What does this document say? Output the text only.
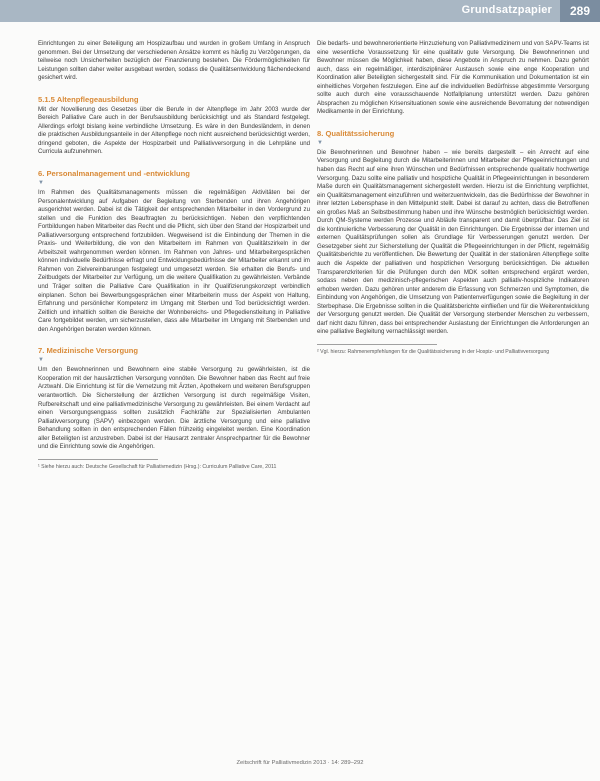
Grundsatzpapier	289

Einrichtungen zu einer Beteiligung am Hospizaufbau und wurden in großem Umfang in Anspruch genommen. Bei der Umsetzung der verschiedenen Ansätze kommt es häufig zu Verzögerungen, da teilweise noch Unsicherheiten bezüglich der Finanzierung bestehen. Die Fördermöglichkeiten für Leistungen sollten daher weiter ausgebaut werden, sodass die Qualitätsentwicklung flächendeckend gesichert wird.

5.1.5 Altenpflegeausbildung

Mit der Novellierung des Gesetzes über die Berufe in der Altenpflege im Jahr 2003 wurde der Bereich Palliative Care auch in der Berufsausbildung berücksichtigt und als Standard festgelegt. Allerdings erfolgt bislang keine verbindliche Umsetzung. Es wäre in den Bundesländern, in denen die praktischen Ausbildungsanteile in der Altenpflege noch nicht ausreichend berücksichtigt werden, dringend geboten, die Aspekte der Hospizarbeit und Palliativversorgung in die Lehrpläne und Curricula aufzunehmen.

6. Personalmanagement und -entwicklung
▼

Im Rahmen des Qualitätsmanagements müssen die regelmäßigen Aktivitäten bei der Personalentwicklung auf Aufgaben der Begleitung von Sterbenden und ihren Angehörigen ausgerichtet werden. Dabei ist die Tätigkeit der entsprechenden Mitarbeiter in den Vordergrund zu stellen und die Funktion des Beauftragten zu berücksichtigen. Neben den verpflichtenden Fortbildungen haben Mitarbeiter das Recht und die Pflicht, sich über den Stand der Hospizarbeit und Palliativversorgung entsprechend fortzubilden. Wegweisend ist die Einbindung der Themen in die Praxis- und Weiterbildung, die von den Mitarbeitern im Rahmen von Qualitätszirkeln in der Arbeitszeit wahrgenommen werden können. Im Rahmen von Jahres- und Mitarbeitergesprächen können individuelle Bedürfnisse erfragt und Entwicklungsbedürfnisse der Mitarbeiter erkannt und im Rahmen von Zielvereinbarungen festgelegt und umgesetzt werden. Sie erhalten die Berufs- und Zeitbudgets der Mitarbeiter zur Verfügung, um die weitere Qualifikation zu gewährleisten. Verbände und Träger sollten die Palliative Care Qualifikation in ihr Qualifizierungskonzept verbindlich einplanen. Schon bei Bewerbungsgesprächen einer Mitarbeiterin muss der Aspekt von Haltung, Erfahrung und persönlicher Kompetenz im Umgang mit Sterben und Tod berücksichtigt werden. Zeitlich und inhaltlich sollten die Bereiche der Wohnbereichs- und Pflegedienstleitung in Palliative Care fortgebildet werden, um sicherzustellen, dass alle Mitarbeiter im Umgang mit Sterbenden und den Angehörigen beraten werden können.

7. Medizinische Versorgung
▼

Um den Bewohnerinnen und Bewohnern eine stabile Versorgung zu gewährleisten, ist die Kooperation mit der hausärztlichen Versorgung vonnöten. Die Bewohner haben das Recht auf freie Arztwahl. Die Einrichtung ist für die Vernetzung mit Ärzten, Apothekern und weiteren Berufsgruppen verantwortlich. Die Sicherstellung der ärztlichen Versorgung ist durch regelmäßige Visiten, Rufbereitschaft und eine palliativmedizinische Versorgung zu gewährleisten. Bei einem Verdacht auf einen Versorgungsengpass sollten zusätzlich Fachkräfte zur Spezialisierten Ambulanten Palliativversorgung (SAPV) einbezogen werden. Die ärztliche Versorgung und eine palliative Behandlung sollten in den entsprechenden Fällen frühzeitig eingeleitet werden. Eine Koordination aller Beteiligten ist anzustreben. Dabei ist der Hausarzt zentraler Ansprechpartner für die Bewohner und die Einrichtung sowie die Angehörigen.

¹ Siehe hierzu auch: Deutsche Gesellschaft für Palliativmedizin (Hrsg.): Curriculum Palliative Care, 2011

Die bedarfs- und bewohnerorientierte Hinzuziehung von Palliativmedizinern und von SAPV-Teams ist eine wesentliche Voraussetzung für eine qualitativ gute Versorgung. Die Bewohnerinnen und Bewohner müssen die Möglichkeit haben, diese Angebote in Anspruch zu nehmen. Dazu gehört auch, dass ein regelmäßiger, interdisziplinärer Austausch sowie eine enge Kooperation und Koordination aller Beteiligten sichergestellt sind. Für die Kommunikation und Dokumentation ist ein einheitliches Vorgehen festzulegen. Eine auf die individuellen Bedürfnisse abgestimmte Versorgung sollte auch durch eine vorausschauende Notfallplanung unterstützt werden. Dazu gehören Absprachen zu möglichen Krisensituationen sowie eine ausreichende Bevorratung der notwendigen Medikamente in der Einrichtung.

8. Qualitätssicherung
▼

Die Bewohnerinnen und Bewohner haben – wie bereits dargestellt – ein Anrecht auf eine Versorgung und Begleitung durch die Mitarbeiterinnen und Mitarbeiter der Pflegeeinrichtungen und haben das Recht auf eine ihren Wünschen und Bedürfnissen entsprechende qualitativ hochwertige Versorgung. Dazu sollte eine palliativ und hospizliche Qualität in Pflegeeinrichtungen in besonderem Maße durch ein Qualitätsmanagement sichergestellt werden. Hierzu ist die Einrichtung verpflichtet, ein Qualitätsmanagement einzuführen und weiterzuentwickeln, das die Bedürfnisse der Bewohner in ihrer letzten Lebensphase in den Mittelpunkt stellt. Dabei ist darauf zu achten, dass die Betroffenen ein großes Maß an Selbstbestimmung haben und ihre Wünsche bestmöglich berücksichtigt werden. Durch QM-Systeme werden Prozesse und Abläufe transparent und damit überprüfbar. Das Ziel ist die kontinuierliche Verbesserung der Qualität in den Einrichtungen. Die Ergebnisse der internen und externen Qualitätsprüfungen sollen als Grundlage für Verbesserungen genutzt werden. Der Gesetzgeber sieht zur Sicherstellung der Qualität die Pflegeeinrichtungen in der Pflicht, regelmäßig Qualitätsberichte zu veröffentlichen. Die Bewertung der Qualität in der stationären Altenpflege sollte auch die Aspekte der palliativen und hospizlichen Versorgung berücksichtigen. Die aktuellen Transparenzkriterien für die Prüfungen durch den MDK sollten entsprechend ergänzt werden, sodass neben den medizinisch-pflegerischen Aspekten auch palliativ-hospizliche Indikatoren erhoben werden. Dazu gehören unter anderem die Erfassung von Schmerzen und Symptomen, die Einbindung von Angehörigen, die Umsetzung von Patientenverfügungen sowie die Begleitung in der Sterbephase. Die Ergebnisse sollten in die Qualitätsberichte einfließen und für die Weiterentwicklung der Versorgung genutzt werden. Die Qualität der Versorgung sterbender Menschen zu verbessern, darf nicht dazu führen, dass bei entsprechender Auslastung der Einrichtungen die Anforderungen an eine palliative Begleitung vernachlässigt werden.

² Vgl. hierzu: Rahmenempfehlungen für die Qualitätssicherung in der Hospiz- und Palliativversorgung
Zeitschrift für Palliativmedizin 2013 · 14: 289–292
